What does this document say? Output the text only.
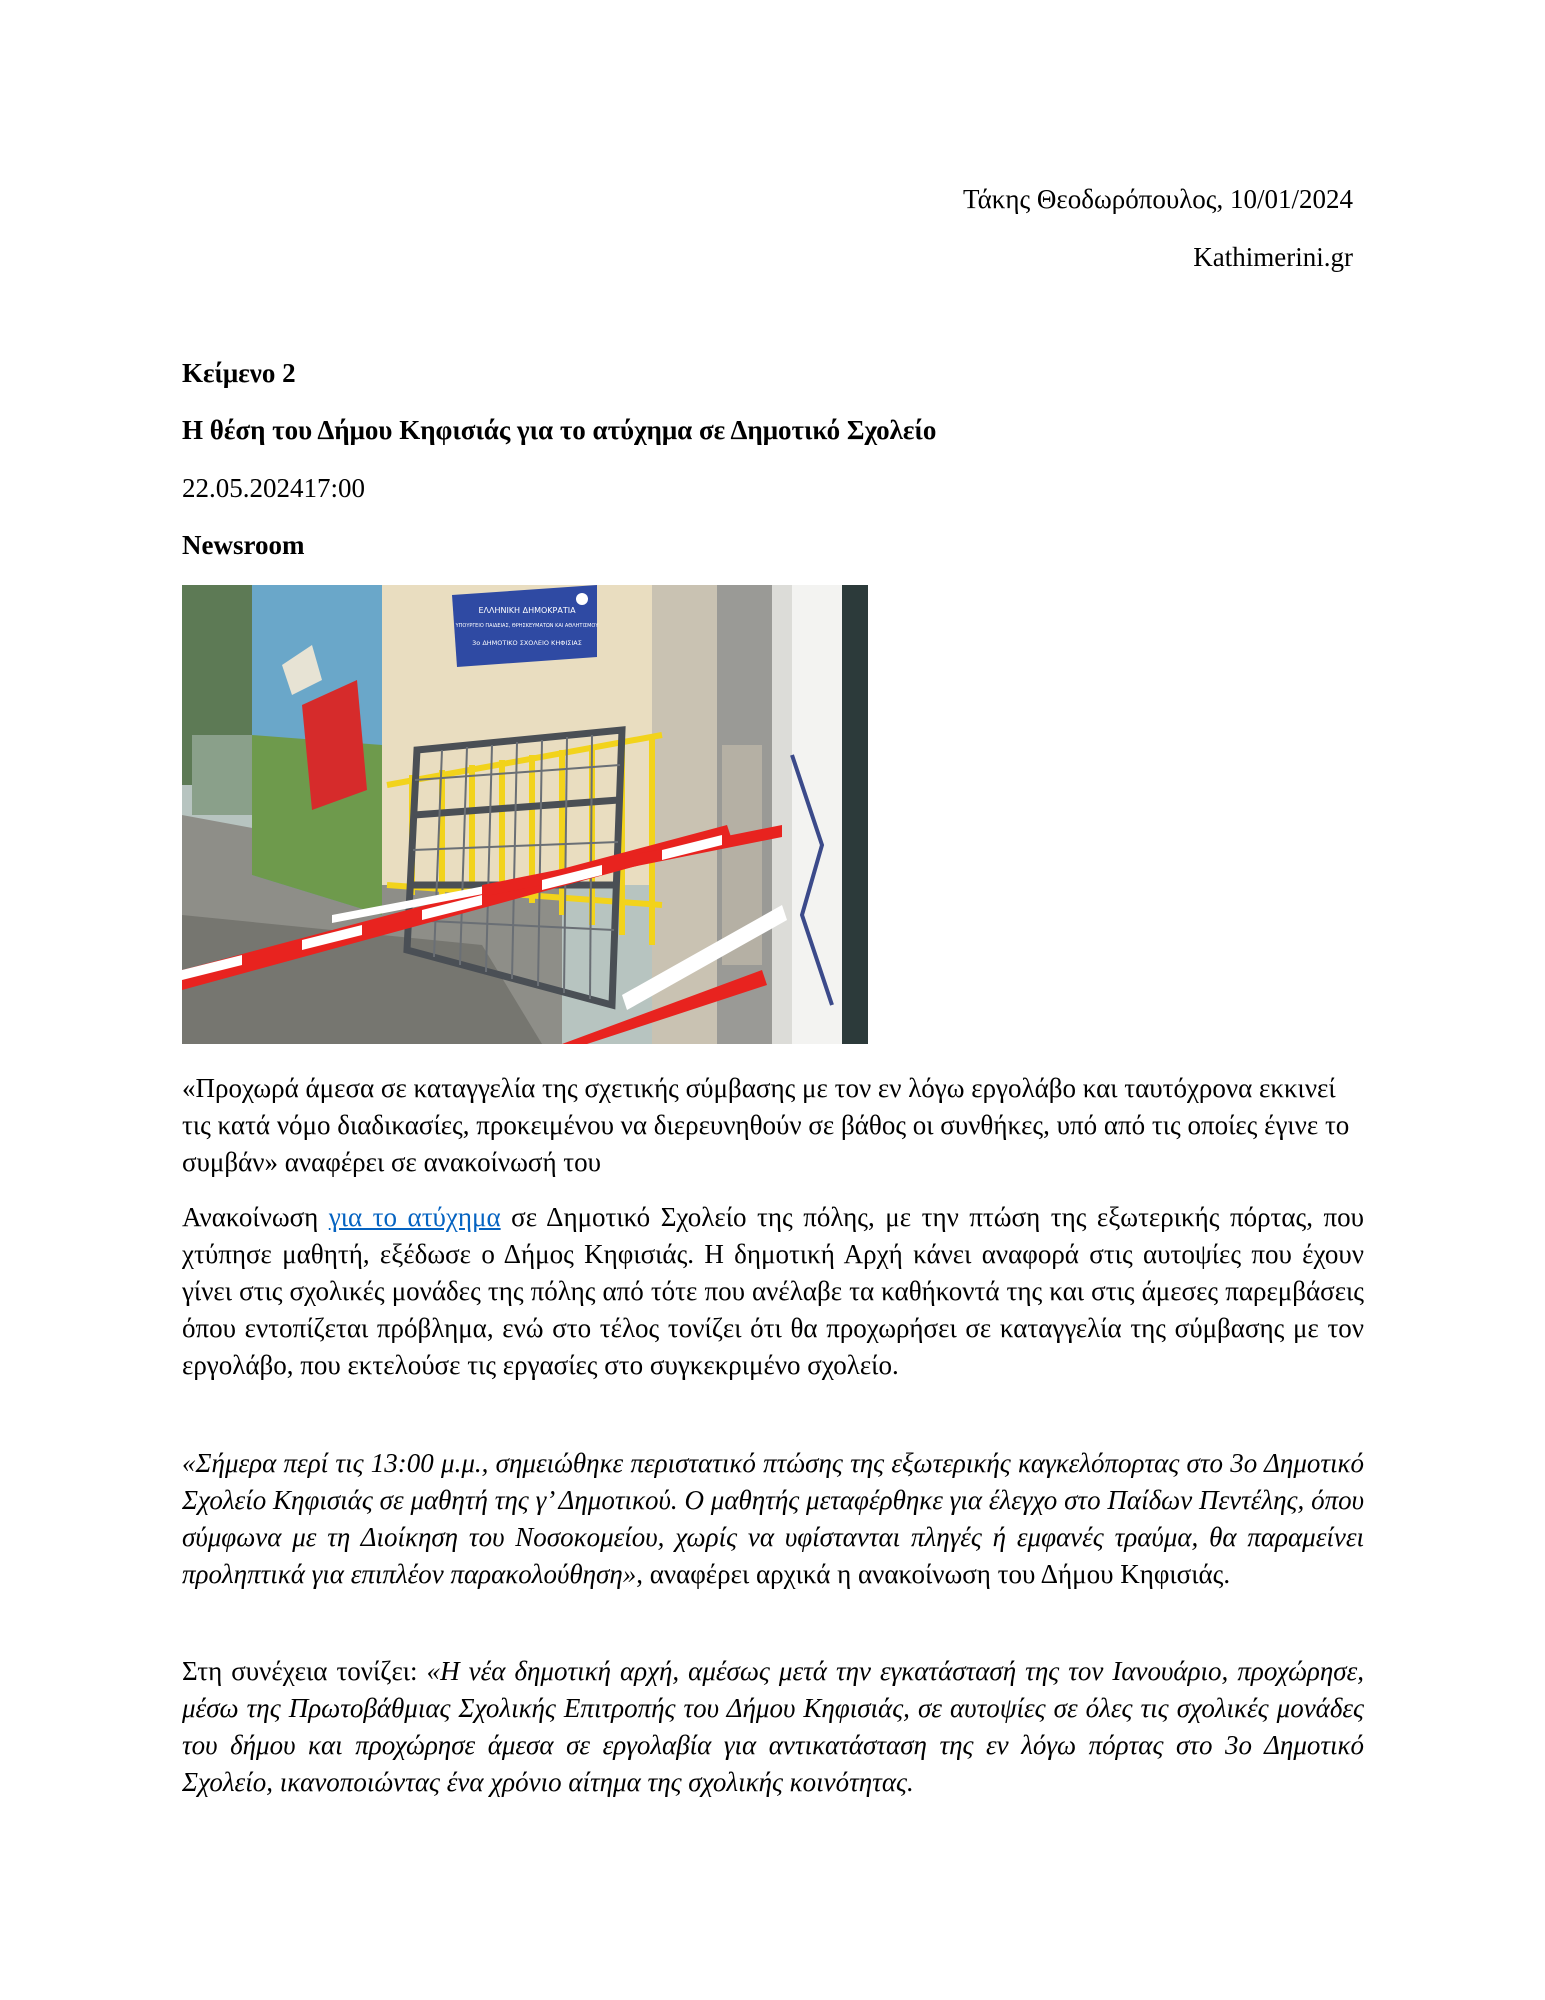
Τάκης Θεοδωρόπουλος, 10/01/2024
Kathimerini.gr
Κείμενο 2
Η θέση του Δήμου Κηφισιάς για το ατύχημα σε Δημοτικό Σχολείο
22.05.202417:00
Newsroom
ΕΛΛΗΝΙΚΗ ΔΗΜΟΚΡΑΤΙΑ
ΥΠΟΥΡΓΕΙΟ ΠΑΙΔΕΙΑΣ, ΘΡΗΣΚΕΥΜΑΤΩΝ ΚΑΙ ΑΘΛΗΤΙΣΜΟΥ
3ο ΔΗΜΟΤΙΚΟ ΣΧΟΛΕΙΟ ΚΗΦΙΣΙΑΣ
«Προχωρά άμεσα σε καταγγελία της σχετικής σύμβασης με τον εν λόγω εργολάβο και ταυτόχρονα εκκινεί τις κατά νόμο διαδικασίες, προκειμένου να διερευνηθούν σε βάθος οι συνθήκες, υπό από τις οποίες έγινε το συμβάν» αναφέρει σε ανακοίνωσή του
Ανακοίνωση για το ατύχημα σε Δημοτικό Σχολείο της πόλης, με την πτώση της εξωτερικής πόρτας, που χτύπησε μαθητή, εξέδωσε ο Δήμος Κηφισιάς. Η δημοτική Αρχή κάνει αναφορά στις αυτοψίες που έχουν γίνει στις σχολικές μονάδες της πόλης από τότε που ανέλαβε τα καθήκοντά της και στις άμεσες παρεμβάσεις όπου εντοπίζεται πρόβλημα, ενώ στο τέλος τονίζει ότι θα προχωρήσει σε καταγγελία της σύμβασης με τον εργολάβο, που εκτελούσε τις εργασίες στο συγκεκριμένο σχολείο.
«Σήμερα περί τις 13:00 μ.μ., σημειώθηκε περιστατικό πτώσης της εξωτερικής καγκελόπορτας στο 3ο Δημοτικό Σχολείο Κηφισιάς σε μαθητή της γ’ Δημοτικού. Ο μαθητής μεταφέρθηκε για έλεγχο στο Παίδων Πεντέλης, όπου σύμφωνα με τη Διοίκηση του Νοσοκομείου, χωρίς να υφίστανται πληγές ή εμφανές τραύμα, θα παραμείνει προληπτικά για επιπλέον παρακολούθηση», αναφέρει αρχικά η ανακοίνωση του Δήμου Κηφισιάς.
Στη συνέχεια τονίζει: «Η νέα δημοτική αρχή, αμέσως μετά την εγκατάστασή της τον Ιανουάριο, προχώρησε, μέσω της Πρωτοβάθμιας Σχολικής Επιτροπής του Δήμου Κηφισιάς, σε αυτοψίες σε όλες τις σχολικές μονάδες του δήμου και προχώρησε άμεσα σε εργολαβία για αντικατάσταση της εν λόγω πόρτας στο 3ο Δημοτικό Σχολείο, ικανοποιώντας ένα χρόνιο αίτημα της σχολικής κοινότητας.
